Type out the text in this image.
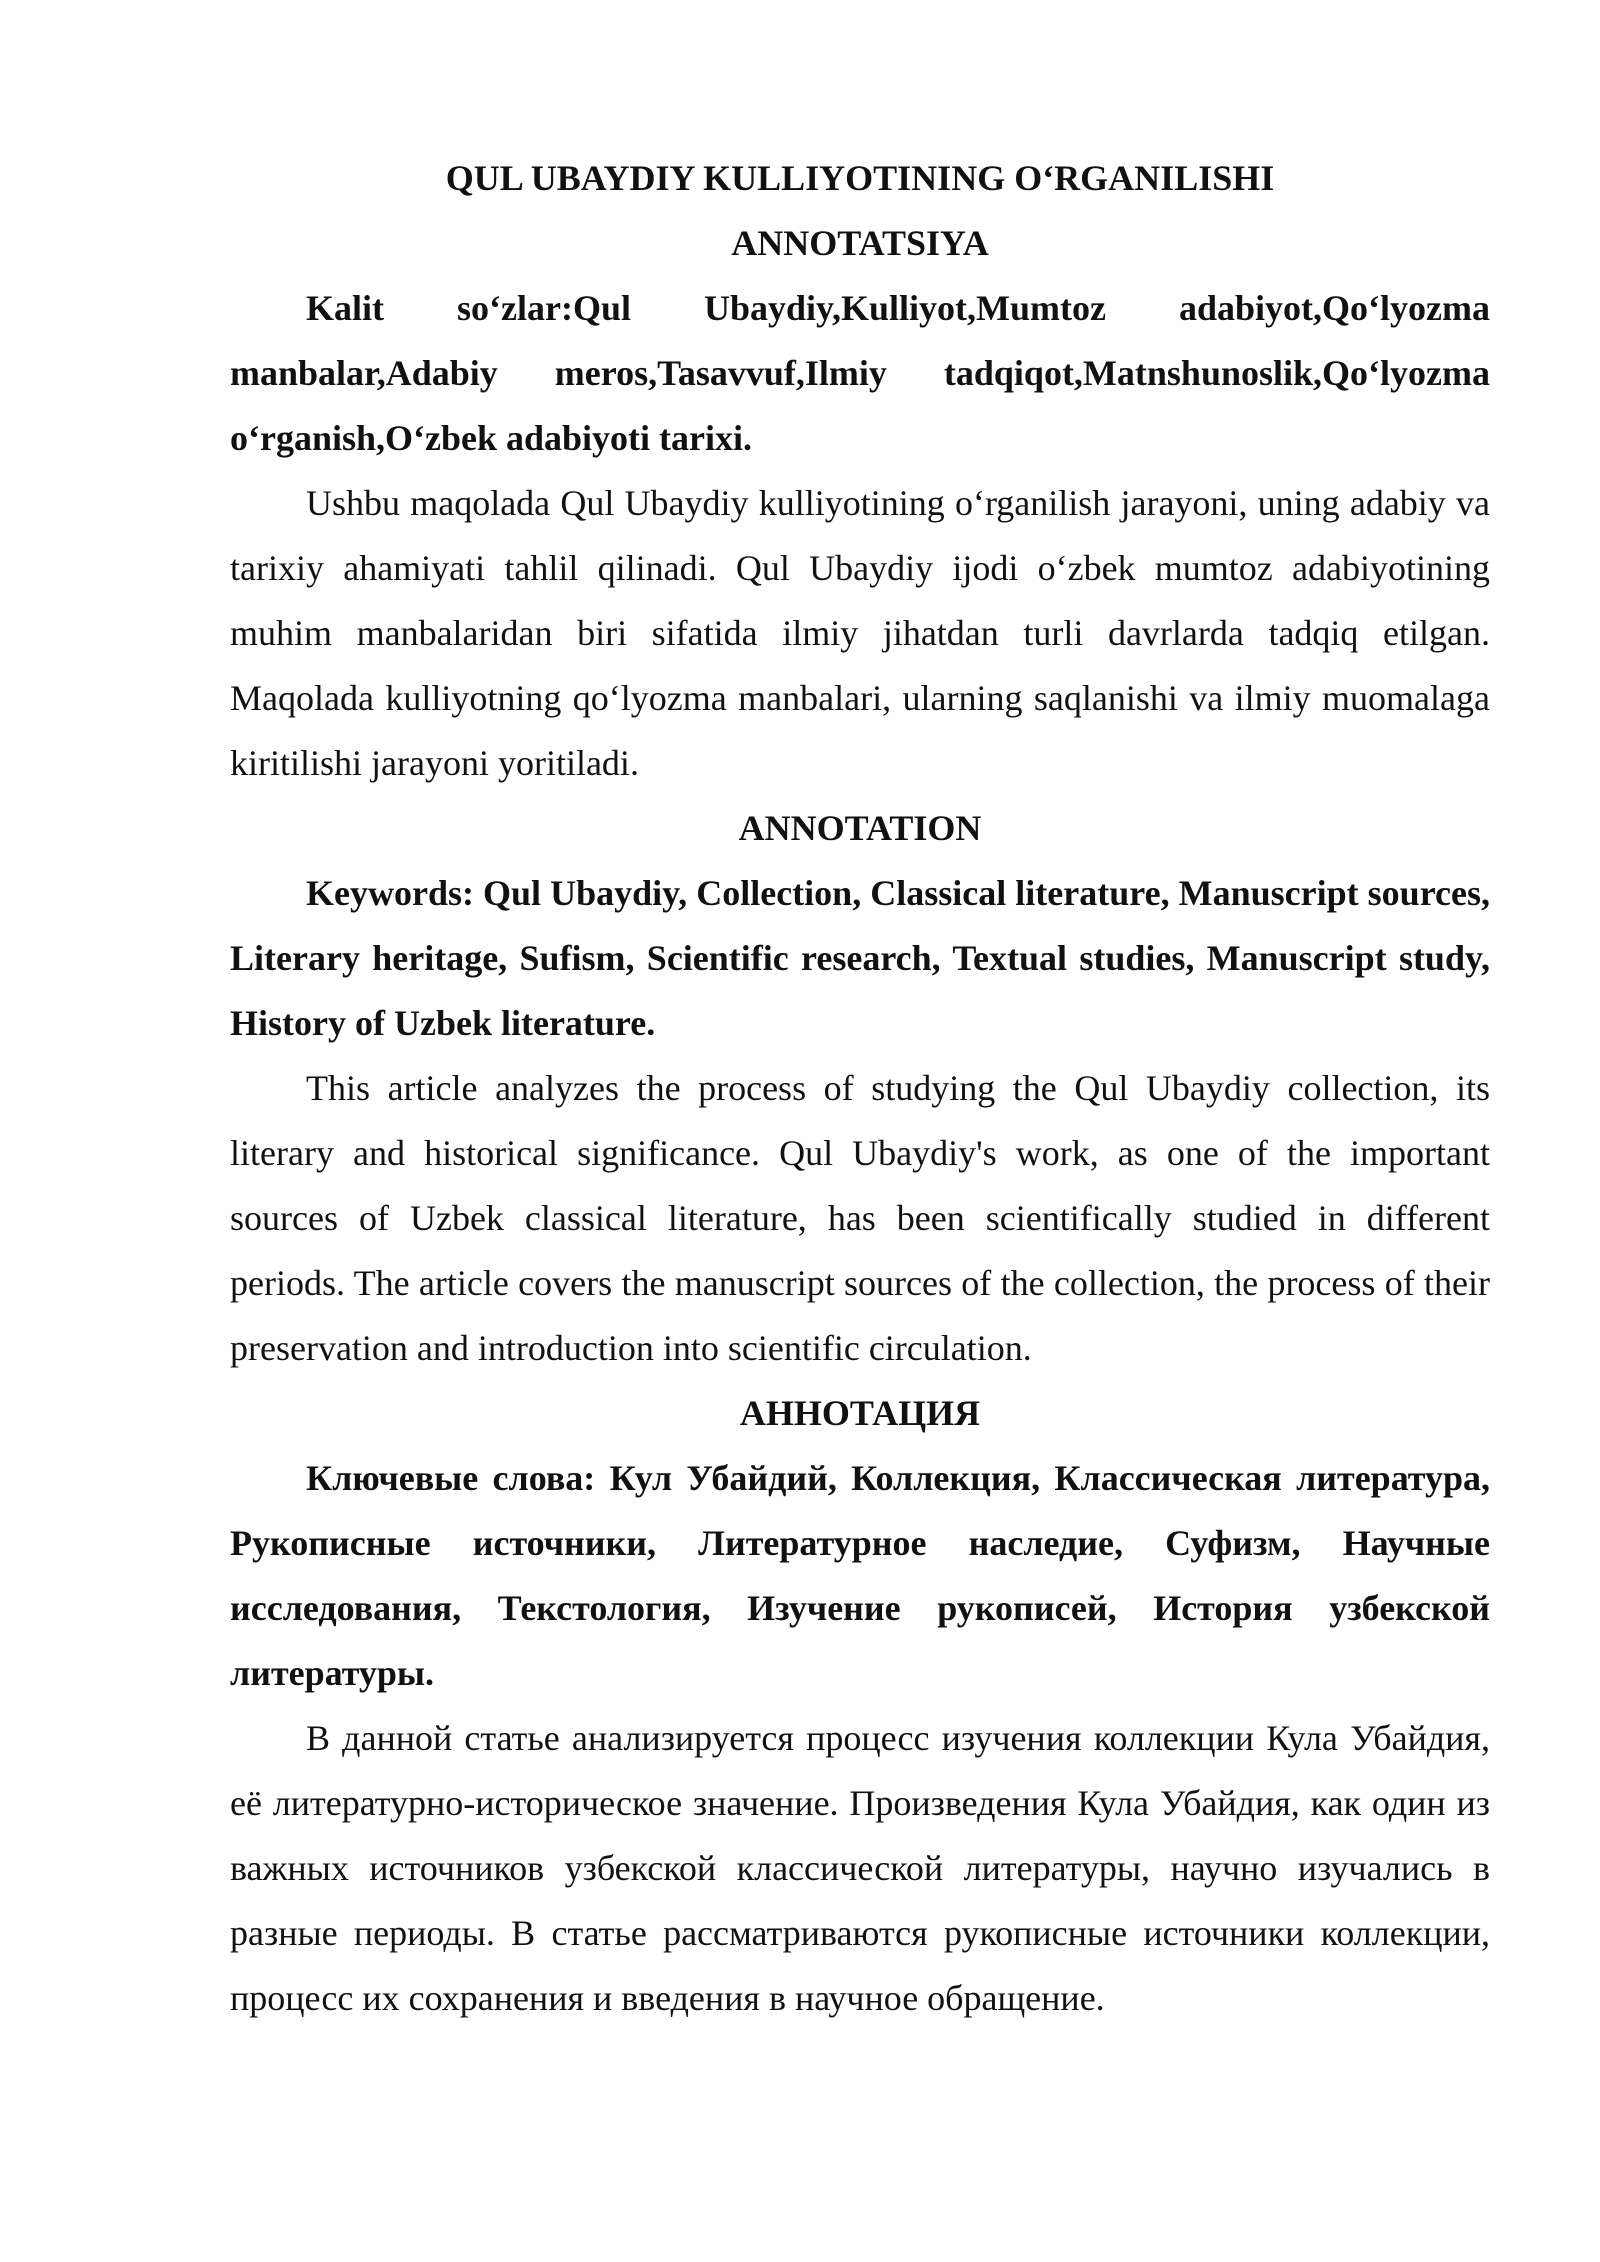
QUL UBAYDIY KULLIYOTINING O‘RGANILISHI

ANNOTATSIYA

Kalit so‘zlar:Qul Ubaydiy,Kulliyot,Mumtoz adabiyot,Qo‘lyozma manbalar,Adabiy meros,Tasavvuf,Ilmiy tadqiqot,Matnshunoslik,Qo‘lyozma o‘rganish,O‘zbek adabiyoti tarixi.

Ushbu maqolada Qul Ubaydiy kulliyotining o‘rganilish jarayoni, uning adabiy va tarixiy ahamiyati tahlil qilinadi. Qul Ubaydiy ijodi o‘zbek mumtoz adabiyotining muhim manbalaridan biri sifatida ilmiy jihatdan turli davrlarda tadqiq etilgan. Maqolada kulliyotning qo‘lyozma manbalari, ularning saqlanishi va ilmiy muomalaga kiritilishi jarayoni yoritiladi.

ANNOTATION

Keywords: Qul Ubaydiy, Collection, Classical literature, Manuscript sources, Literary heritage, Sufism, Scientific research, Textual studies, Manuscript study, History of Uzbek literature.

This article analyzes the process of studying the Qul Ubaydiy collection, its literary and historical significance. Qul Ubaydiy's work, as one of the important sources of Uzbek classical literature, has been scientifically studied in different periods. The article covers the manuscript sources of the collection, the process of their preservation and introduction into scientific circulation.

АННОТАЦИЯ

Ключевые слова: Кул Убайдий, Коллекция, Классическая литература, Рукописные источники, Литературное наследие, Суфизм, Научные исследования, Текстология, Изучение рукописей, История узбекской литературы.

В данной статье анализируется процесс изучения коллекции Кула Убайдия, её литературно-историческое значение. Произведения Кула Убайдия, как один из важных источников узбекской классической литературы, научно изучались в разные периоды. В статье рассматриваются рукописные источники коллекции, процесс их сохранения и введения в научное обращение.
